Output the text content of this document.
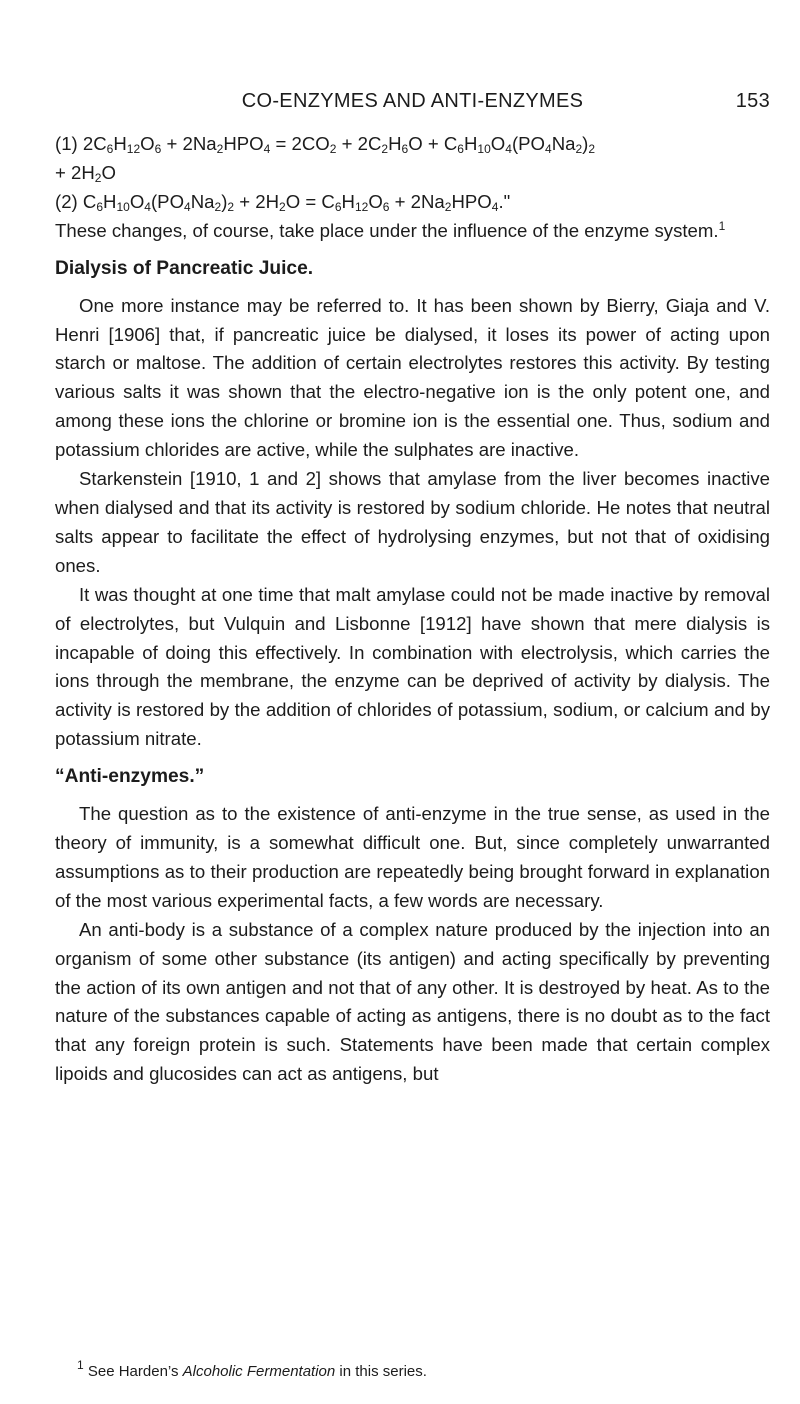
CO-ENZYMES AND ANTI-ENZYMES	153

(1) $2C_6H_{12}O_6 + 2Na_2HPO_4 = 2CO_2 + 2C_2H_6O + C_6H_{10}O_4(PO_4Na_2)_2$

+ $2H_2O$

(2) $C_6H_{10}O_4(PO_4Na_2)_2 + 2H_2O = C_6H_{12}O_6 + 2Na_2HPO_4$."

These changes, of course, take place under the influence of the enzyme system.$^1$

Dialysis of Pancreatic Juice.

One more instance may be referred to. It has been shown by Bierry, Giaja and V. Henri [1906] that, if pancreatic juice be dialysed, it loses its power of acting upon starch or maltose. The addition of certain electrolytes restores this activity. By testing various salts it was shown that the electro-negative ion is the only potent one, and among these ions the chlorine or bromine ion is the essential one. Thus, sodium and potassium chlorides are active, while the sulphates are inactive.

Starkenstein [1910, 1 and 2] shows that amylase from the liver becomes inactive when dialysed and that its activity is restored by sodium chloride. He notes that neutral salts appear to facilitate the effect of hydrolysing enzymes, but not that of oxidising ones.

It was thought at one time that malt amylase could not be made inactive by removal of electrolytes, but Vulquin and Lisbonne [1912] have shown that mere dialysis is incapable of doing this effectively. In combination with electrolysis, which carries the ions through the membrane, the enzyme can be deprived of activity by dialysis. The activity is restored by the addition of chlorides of potassium, sodium, or calcium and by potassium nitrate.

“Anti-enzymes.”

The question as to the existence of anti-enzyme in the true sense, as used in the theory of immunity, is a somewhat difficult one. But, since completely unwarranted assumptions as to their production are repeatedly being brought forward in explanation of the most various experimental facts, a few words are necessary.

An anti-body is a substance of a complex nature produced by the injection into an organism of some other substance (its antigen) and acting specifically by preventing the action of its own antigen and not that of any other. It is destroyed by heat. As to the nature of the substances capable of acting as antigens, there is no doubt as to the fact that any foreign protein is such. Statements have been made that certain complex lipoids and glucosides can act as antigens, but

$^1$ See Harden’s Alcoholic Fermentation in this series.
